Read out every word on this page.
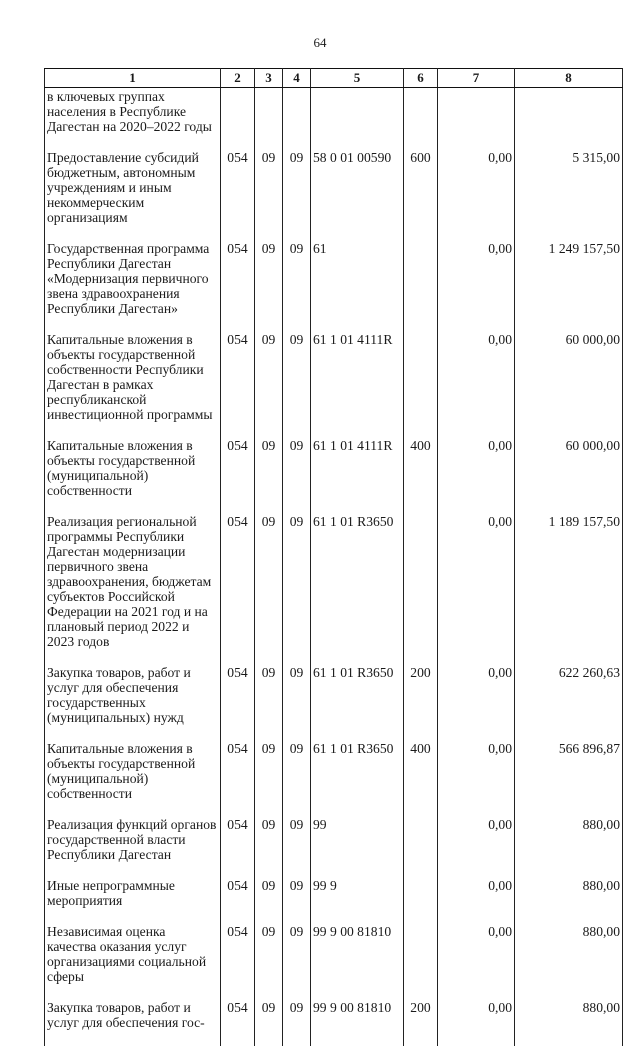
64
1	2	3	4	5	6	7	8
в ключевых группах населения в Республике Дагестан на 2020–2022 годы							
Предоставление субсидий бюджетным, автономным учреждениям и иным некоммерческим организациям	054	09	09	58 0 01 00590	600	0,00	5 315,00
Государственная программа Республики Дагестан «Модернизация первичного звена здравоохранения Республики Дагестан»	054	09	09	61		0,00	1 249 157,50
Капитальные вложения в объекты государственной собственности Республики Дагестан в рамках республиканской инвестиционной программы	054	09	09	61 1 01 4111R		0,00	60 000,00
Капитальные вложения в объекты государственной (муниципальной) собственности	054	09	09	61 1 01 4111R	400	0,00	60 000,00
Реализация региональной программы Республики Дагестан модернизации первичного звена здравоохранения, бюджетам субъектов Российской Федерации на 2021 год и на плановый период 2022 и 2023 годов	054	09	09	61 1 01 R3650		0,00	1 189 157,50
Закупка товаров, работ и услуг для обеспечения государственных (муниципальных) нужд	054	09	09	61 1 01 R3650	200	0,00	622 260,63
Капитальные вложения в объекты государственной (муниципальной) собственности	054	09	09	61 1 01 R3650	400	0,00	566 896,87
Реализация функций органов государственной власти Республики Дагестан	054	09	09	99		0,00	880,00
Иные непрограммные мероприятия	054	09	09	99 9		0,00	880,00
Независимая оценка качества оказания услуг организациями социальной сферы	054	09	09	99 9 00 81810		0,00	880,00
Закупка товаров, работ и услуг для обеспечения гос-	054	09	09	99 9 00 81810	200	0,00	880,00
